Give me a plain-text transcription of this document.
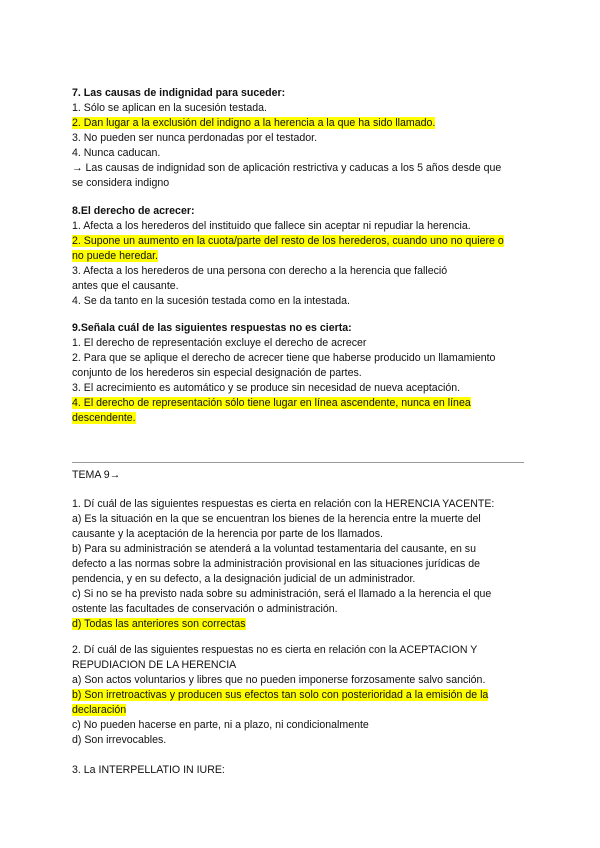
7. Las causas de indignidad para suceder:
1. Sólo se aplican en la sucesión testada.
2. Dan lugar a la exclusión del indigno a la herencia a la que ha sido llamado.
3. No pueden ser nunca perdonadas por el testador.
4. Nunca caducan.
→ Las causas de indignidad son de aplicación restrictiva y caducas a los 5 años desde que
se considera indigno
8.El derecho de acrecer:
1. Afecta a los herederos del instituido que fallece sin aceptar ni repudiar la herencia.
2. Supone un aumento en la cuota/parte del resto de los herederos, cuando uno no quiere o
no puede heredar.
3. Afecta a los herederos de una persona con derecho a la herencia que falleció
antes que el causante.
4. Se da tanto en la sucesión testada como en la intestada.
9.Señala cuál de las siguientes respuestas no es cierta:
1. El derecho de representación excluye el derecho de acrecer
2. Para que se aplique el derecho de acrecer tiene que haberse producido un llamamiento
conjunto de los herederos sin especial designación de partes.
3. El acrecimiento es automático y se produce sin necesidad de nueva aceptación.
4. El derecho de representación sólo tiene lugar en línea ascendente, nunca en línea
descendente.
TEMA 9→
1. Dí cuál de las siguientes respuestas es cierta en relación con la HERENCIA YACENTE:
a) Es la situación en la que se encuentran los bienes de la herencia entre la muerte del
causante y la aceptación de la herencia por parte de los llamados.
b) Para su administración se atenderá a la voluntad testamentaria del causante, en su
defecto a las normas sobre la administración provisional en las situaciones jurídicas de
pendencia, y en su defecto, a la designación judicial de un administrador.
c) Si no se ha previsto nada sobre su administración, será el llamado a la herencia el que
ostente las facultades de conservación o administración.
d) Todas las anteriores son correctas
2. Dí cuál de las siguientes respuestas no es cierta en relación con la ACEPTACION Y
REPUDIACION DE LA HERENCIA
a) Son actos voluntarios y libres que no pueden imponerse forzosamente salvo sanción.
b) Son irretroactivas y producen sus efectos tan solo con posterioridad a la emisión de la
declaración
c) No pueden hacerse en parte, ni a plazo, ni condicionalmente
d) Son irrevocables.
3. La INTERPELLATIO IN IURE:
